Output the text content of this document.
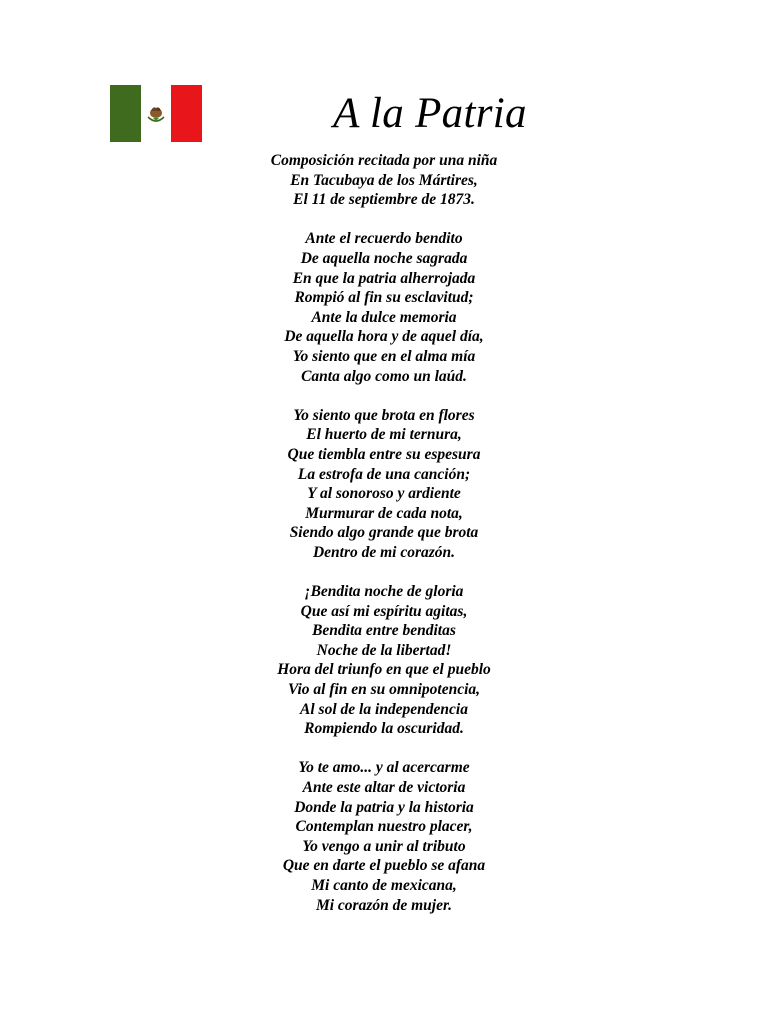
A la Patria
Composición recitada por una niña
En Tacubaya de los Mártires,
El 11 de septiembre de 1873.
Ante el recuerdo bendito
De aquella noche sagrada
En que la patria alherrojada
Rompió al fin su esclavitud;
Ante la dulce memoria
De aquella hora y de aquel día,
Yo siento que en el alma mía
Canta algo como un laúd.
Yo siento que brota en flores
El huerto de mi ternura,
Que tiembla entre su espesura
La estrofa de una canción;
Y al sonoroso y ardiente
Murmurar de cada nota,
Siendo algo grande que brota
Dentro de mi corazón.
¡Bendita noche de gloria
Que así mi espíritu agitas,
Bendita entre benditas
Noche de la libertad!
Hora del triunfo en que el pueblo
Vio al fin en su omnipotencia,
Al sol de la independencia
Rompiendo la oscuridad.
Yo te amo... y al acercarme
Ante este altar de victoria
Donde la patria y la historia
Contemplan nuestro placer,
Yo vengo a unir al tributo
Que en darte el pueblo se afana
Mi canto de mexicana,
Mi corazón de mujer.
